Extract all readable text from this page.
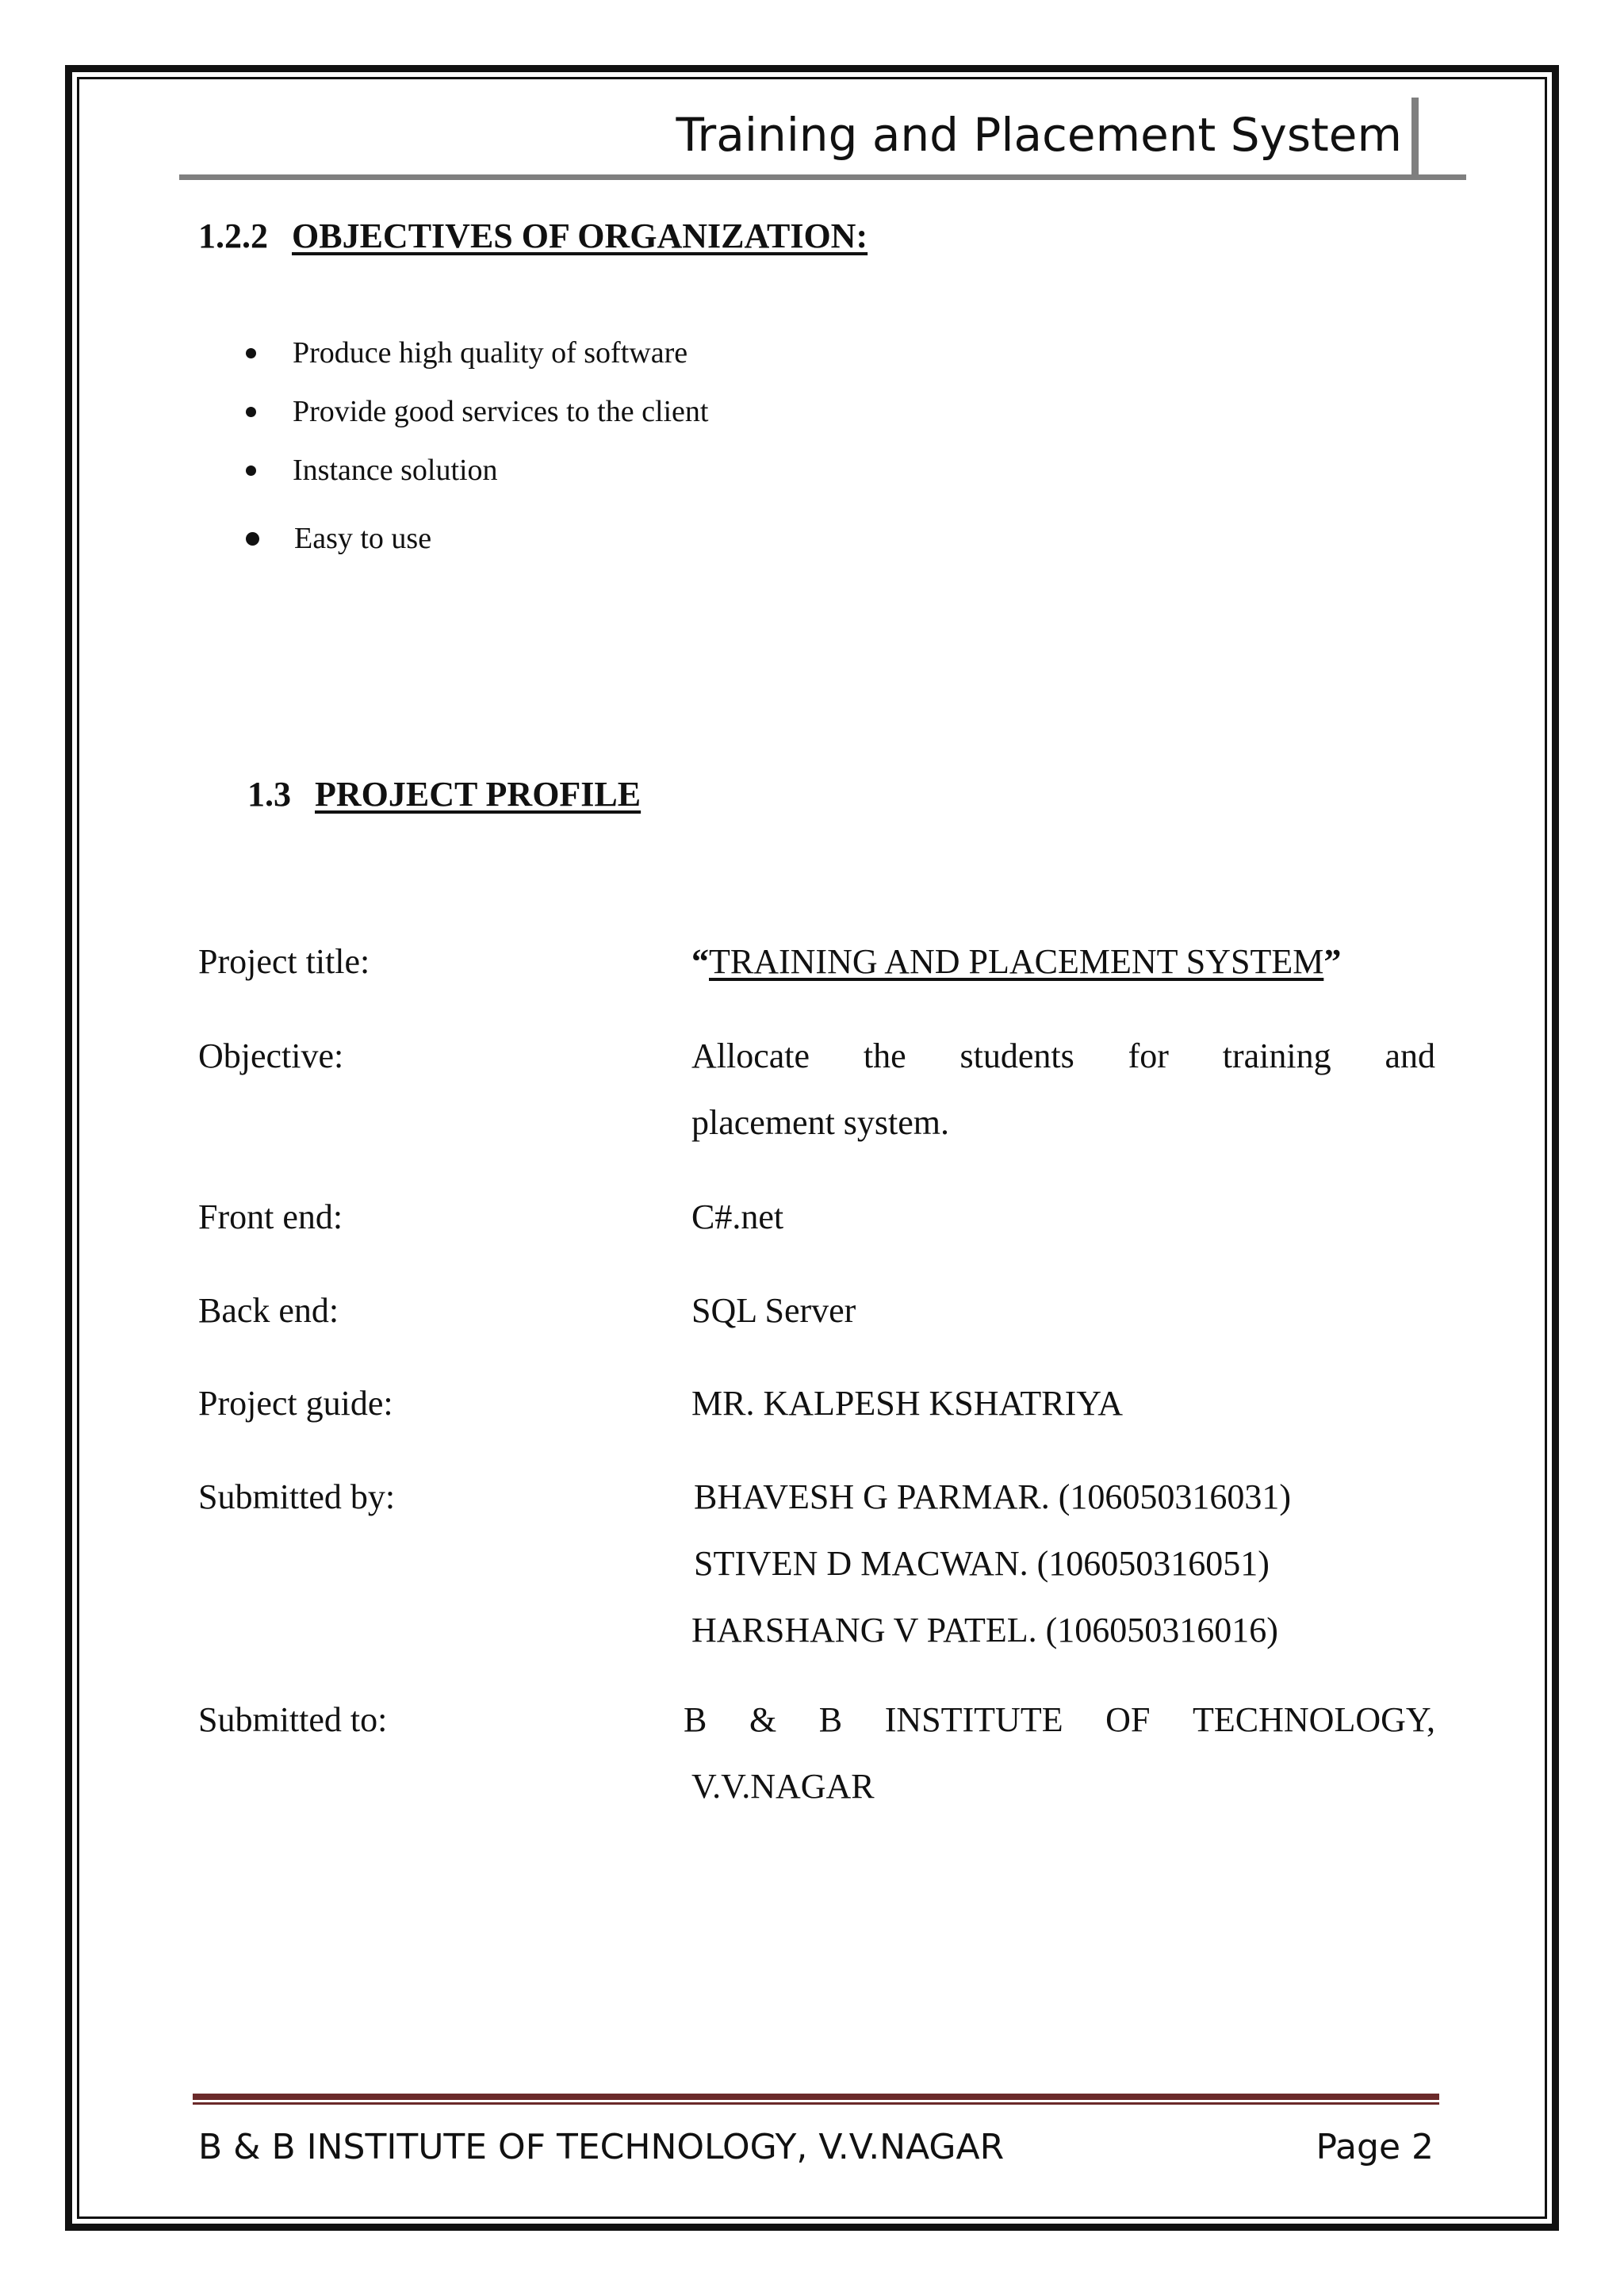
Training and Placement System
1.2.2 OBJECTIVES OF ORGANIZATION:
Produce high quality of software
Provide good services to the client
Instance solution
Easy to use
1.3 PROJECT PROFILE
Project title:	“TRAINING AND PLACEMENT SYSTEM”
Objective:	Allocate the students for training and
placement system.
Front end:	C#.net
Back end:	SQL Server
Project guide:	MR. KALPESH KSHATRIYA
Submitted by:	BHAVESH G PARMAR. (106050316031)
STIVEN D MACWAN. (106050316051)
HARSHANG V PATEL. (106050316016)
Submitted to:	B & B INSTITUTE OF TECHNOLOGY,
V.V.NAGAR
B & B INSTITUTE OF TECHNOLOGY, V.V.NAGAR	Page 2
